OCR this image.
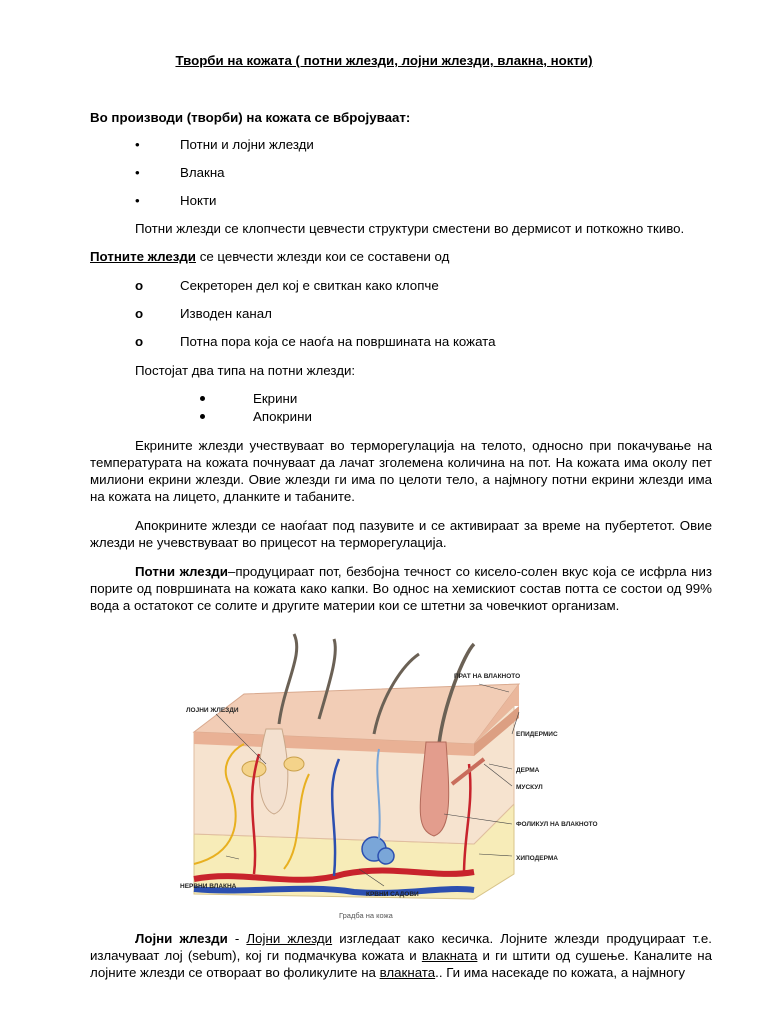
Творби на кожата ( потни жлезди, лојни жлезди, влакна, нокти)
Во производи (творби) на кожата се вбројуваат:
•	Потни и лојни жлезди
•	Влакна
•	Нокти
Потни жлезди се клопчести цевчести структури сместени во дермисот и поткожно ткиво.
Потните жлезди се цевчести жлезди кои се составени од
o	Секреторен дел кој е свиткан како клопче
o	Изводен канал
o	Потна пора која се наоѓа на површината на кожата
Постојат два типа на потни жлезди:
Екрини
Апокрини
Екрините жлезди учествуваат во терморегулација на телото, односно при покачување на температурата на кожата почнуваат да лачат зголемена количина на пот. На кожата има околу пет милиони екрини жлезди. Овие жлезди ги има по целоти тело, а најмногу потни екрини жлезди има на кожата на лицето, дланките и табаните.
Апокрините жлезди се наоѓаат под пазувите и се активираат за време на пубертетот. Овие жлезди не учевствуваат во прицесот на терморегулација.
Потни жлезди–продуцираат пот, безбојна течност со кисело-солен вкус која се исфрла низ порите од површината на кожата како капки. Во однос на хемискиот состав потта се состои од 99% вода а остатокот се солите и другите материи кои се штетни за човечкиот организам.
ЛОЈНИ ЖЛЕЗДИ
ПРАТ НА ВЛАКНОТО
ЕПИДЕРМИС
ДЕРМА
МУСКУЛ
ФОЛИКУЛ НА ВЛАКНОТО
ХИПОДЕРМА
НЕРВНИ ВЛАКНА
КРВНИ САДОВИ
Градба на кожа
Лојни жлезди - Лојни жлезди изгледаат како кесичка. Лојните жлезди продуцираат т.е. излачуваат лој (sebum), кој ги подмачкува кожата и влакната и ги штити од сушење. Каналите на лојните жлезди се отвораат во фоликулите на влакната.. Ги има насекаде по кожата, а најмногу
